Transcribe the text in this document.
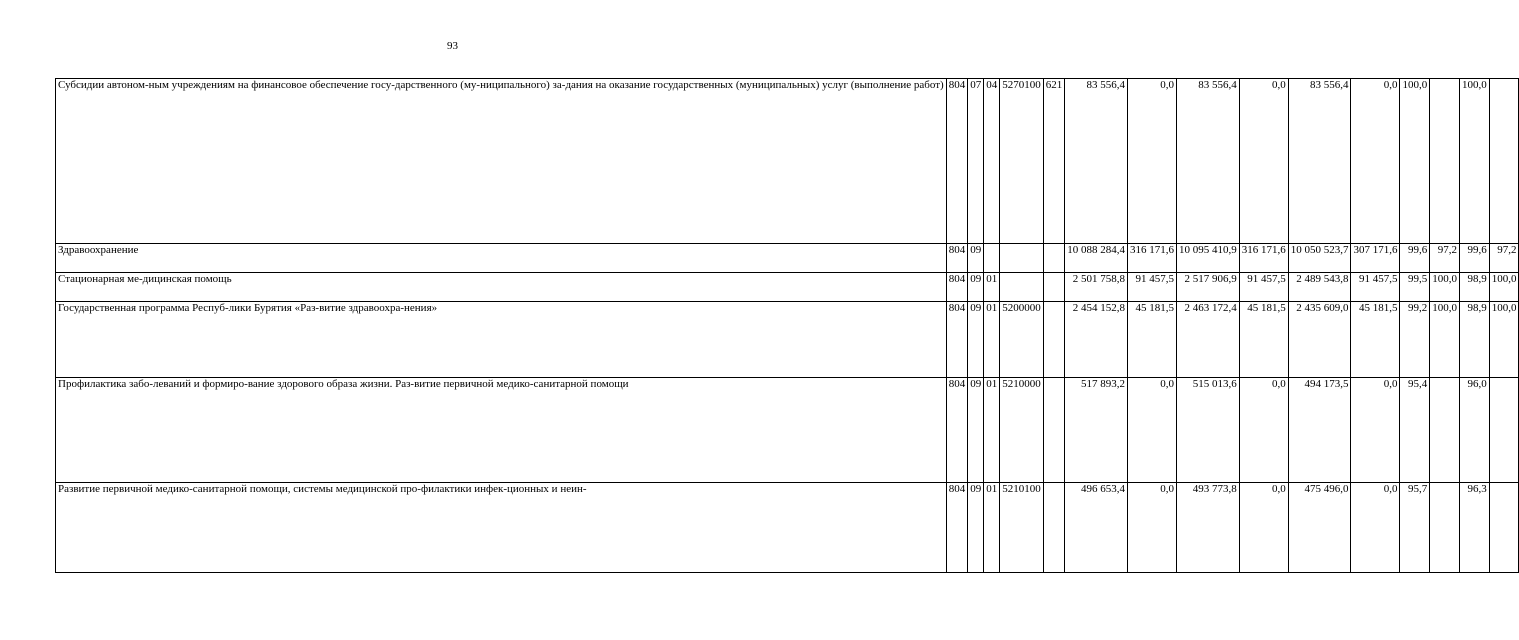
93
Субсидии автоном-ным учреждениям на финансовое обеспечение госу-дарственного (му-ниципального) за-дания на оказание государственных (муниципальных) услуг (выполнение работ)	804	07	04	5270100	621	83 556,4	0,0	83 556,4	0,0	83 556,4	0,0	100,0		100,0	
Здравоохранение	804	09				10 088 284,4	316 171,6	10 095 410,9	316 171,6	10 050 523,7	307 171,6	99,6	97,2	99,6	97,2
Стационарная ме-дицинская помощь	804	09	01			2 501 758,8	91 457,5	2 517 906,9	91 457,5	2 489 543,8	91 457,5	99,5	100,0	98,9	100,0
Государственная программа Респуб-лики Бурятия «Раз-витие здравоохра-нения»	804	09	01	5200000		2 454 152,8	45 181,5	2 463 172,4	45 181,5	2 435 609,0	45 181,5	99,2	100,0	98,9	100,0
Профилактика забо-леваний и формиро-вание здорового образа жизни. Раз-витие первичной медико-санитарной помощи	804	09	01	5210000		517 893,2	0,0	515 013,6	0,0	494 173,5	0,0	95,4		96,0	
Развитие первичной медико-санитарной помощи, системы медицинской про-филактики инфек-ционных и неин-	804	09	01	5210100		496 653,4	0,0	493 773,8	0,0	475 496,0	0,0	95,7		96,3	
